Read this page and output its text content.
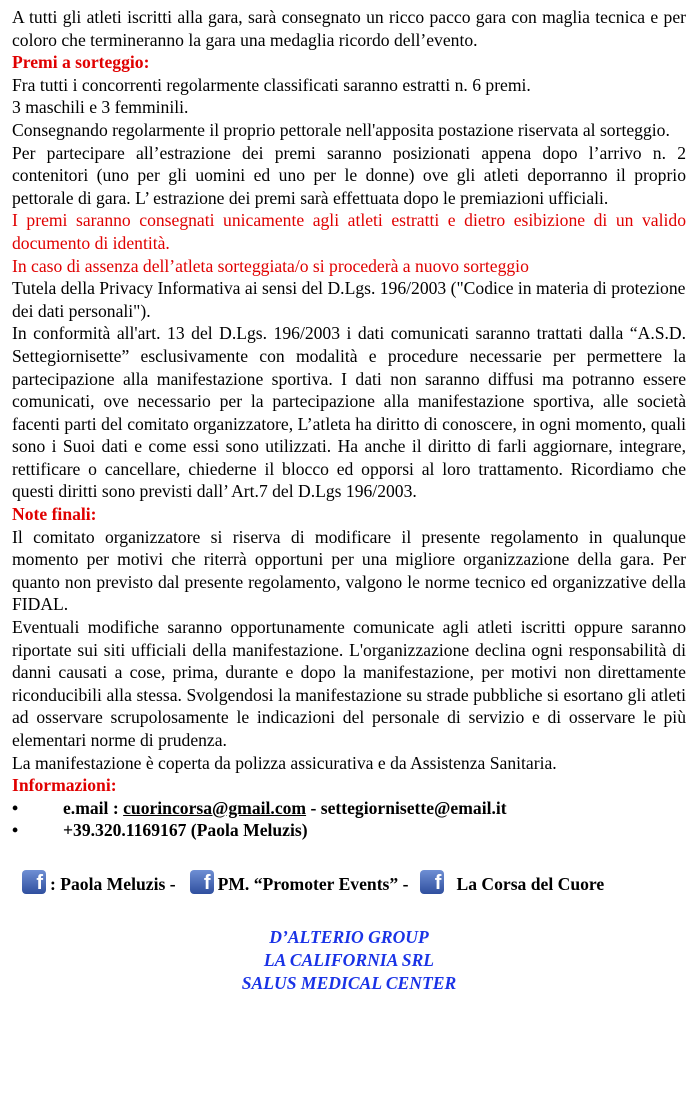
A tutti gli atleti iscritti alla gara, sarà consegnato un ricco pacco gara con maglia tecnica e per coloro che termineranno la gara una medaglia ricordo dell’evento.

Premi a sorteggio:

Fra tutti i concorrenti regolarmente classificati saranno estratti n. 6 premi.

3 maschili e 3 femminili.

Consegnando regolarmente il proprio pettorale nell'apposita postazione riservata al sorteggio.

Per partecipare all’estrazione dei premi saranno posizionati appena dopo l’arrivo n. 2 contenitori (uno per gli uomini ed uno per le donne) ove gli atleti deporranno il proprio pettorale di gara. L’ estrazione dei premi sarà effettuata dopo le premiazioni ufficiali.

I premi saranno consegnati unicamente agli atleti estratti e dietro esibizione di un valido documento di identità.

In caso di assenza dell’atleta sorteggiata/o si procederà a nuovo sorteggio

Tutela della Privacy Informativa ai sensi del D.Lgs. 196/2003 ("Codice in materia di protezione dei dati personali").

In conformità all'art. 13 del D.Lgs. 196/2003 i dati comunicati saranno trattati dalla “A.S.D. Settegiornisette” esclusivamente con modalità e procedure necessarie per permettere la partecipazione alla manifestazione sportiva. I dati non saranno diffusi ma potranno essere comunicati, ove necessario per la partecipazione alla manifestazione sportiva, alle società facenti parti del comitato organizzatore, L’atleta ha diritto di conoscere, in ogni momento, quali sono i Suoi dati e come essi sono utilizzati. Ha anche il diritto di farli aggiornare, integrare, rettificare o cancellare, chiederne il blocco ed opporsi al loro trattamento. Ricordiamo che questi diritti sono previsti dall’ Art.7 del D.Lgs 196/2003.

Note finali:

Il comitato organizzatore si riserva di modificare il presente regolamento in qualunque momento per motivi che riterrà opportuni per una migliore organizzazione della gara. Per quanto non previsto dal presente regolamento, valgono le norme tecnico ed organizzative della FIDAL.

Eventuali modifiche saranno opportunamente comunicate agli atleti iscritti oppure saranno riportate sui siti ufficiali della manifestazione. L'organizzazione declina ogni responsabilità di danni causati a cose, prima, durante e dopo la manifestazione, per motivi non direttamente riconducibili alla stessa. Svolgendosi la manifestazione su strade pubbliche si esortano gli atleti ad osservare scrupolosamente le indicazioni del personale di servizio e di osservare le più elementari norme di prudenza.

La manifestazione è coperta da polizza assicurativa e da Assistenza Sanitaria.

Informazioni:

•	e.mail : cuorincorsa@gmail.com - settegiornisette@email.it
•	+39.320.1169167 (Paola Meluzis)
f : Paola Meluzis -	f PM. “Promoter Events” -	f La Corsa del Cuore
D’ALTERIO GROUP
LA CALIFORNIA SRL
SALUS MEDICAL CENTER
